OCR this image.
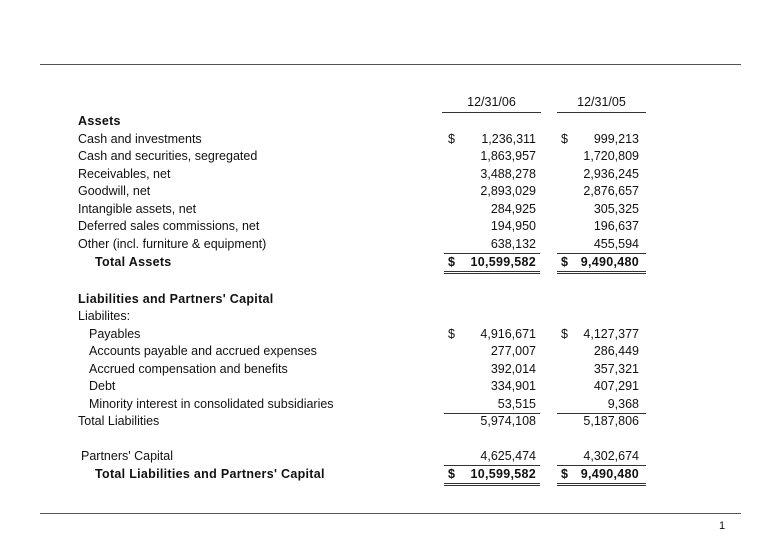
12/31/06	12/31/05
Assets
Cash and investments	$ 1,236,311 $ 999,213
Cash and securities, segregated	1,863,957	1,720,809
Receivables, net	3,488,278	2,936,245
Goodwill, net	2,893,029	2,876,657
Intangible assets, net	284,925	305,325
Deferred sales commissions, net	194,950	196,637
Other (incl. furniture & equipment)	638,132	455,594
Total Assets	$ 10,599,582 $ 9,490,480
Liabilities and Partners' Capital
Liabilites:
Payables	$ 4,916,671 $ 4,127,377
Accounts payable and accrued expenses	277,007	286,449
Accrued compensation and benefits	392,014	357,321
Debt	334,901	407,291
Minority interest in consolidated subsidiaries	53,515	9,368
Total Liabilities	5,974,108	5,187,806
Partners' Capital	4,625,474	4,302,674
Total Liabilities and Partners' Capital	$ 10,599,582 $ 9,490,480
1
